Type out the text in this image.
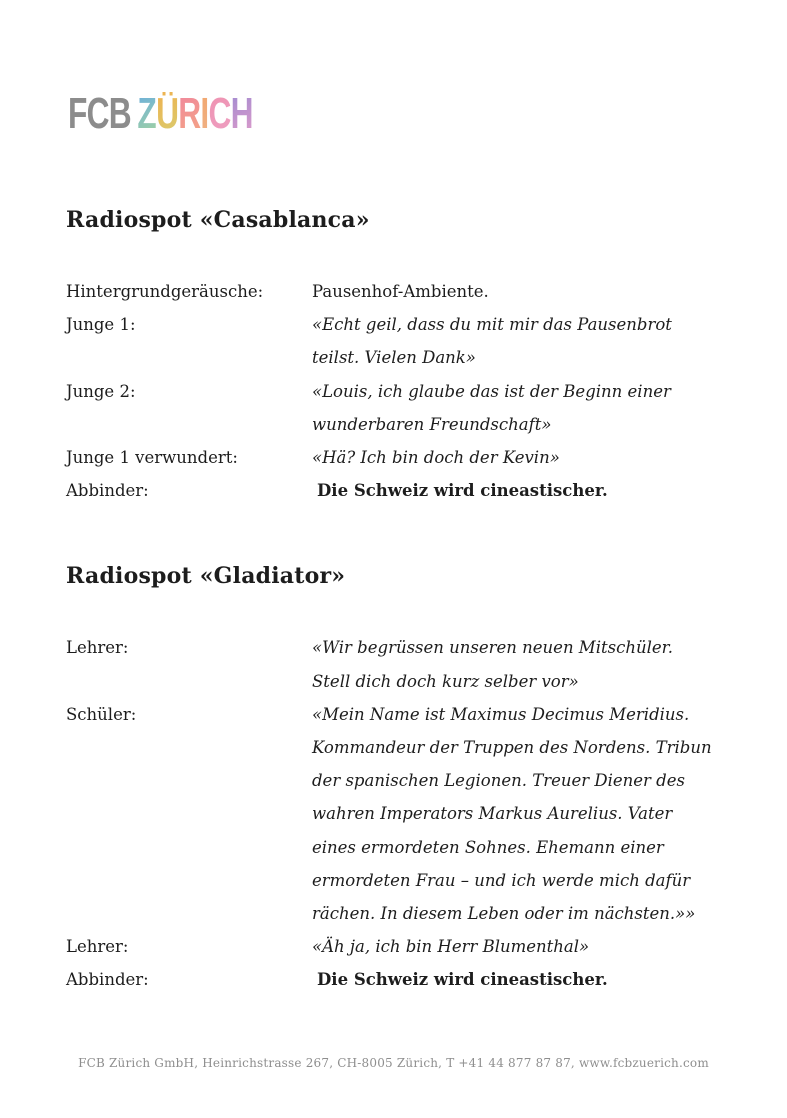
FCB ZÜRICH
Radiospot «Casablanca»
Hintergrundgeräusche:	Pausenhof-Ambiente.
Junge 1:	«Echt geil, dass du mit mir das Pausenbrot teilst. Vielen Dank»
Junge 2:	«Louis, ich glaube das ist der Beginn einer wunderbaren Freundschaft»
Junge 1 verwundert:	«Hä? Ich bin doch der Kevin»
Abbinder:	Die Schweiz wird cineastischer.
Radiospot «Gladiator»
Lehrer:	«Wir begrüssen unseren neuen Mitschüler. Stell dich doch kurz selber vor»
Schüler:	«Mein Name ist Maximus Decimus Meridius. Kommandeur der Truppen des Nordens. Tribun der spanischen Legionen. Treuer Diener des wahren Imperators Markus Aurelius. Vater eines ermordeten Sohnes. Ehemann einer ermordeten Frau – und ich werde mich dafür rächen. In diesem Leben oder im nächsten.»»
Lehrer:	«Äh ja, ich bin Herr Blumenthal»
Abbinder:	Die Schweiz wird cineastischer.
FCB Zürich GmbH, Heinrichstrasse 267, CH-8005 Zürich, T +41 44 877 87 87, www.fcbzuerich.com
